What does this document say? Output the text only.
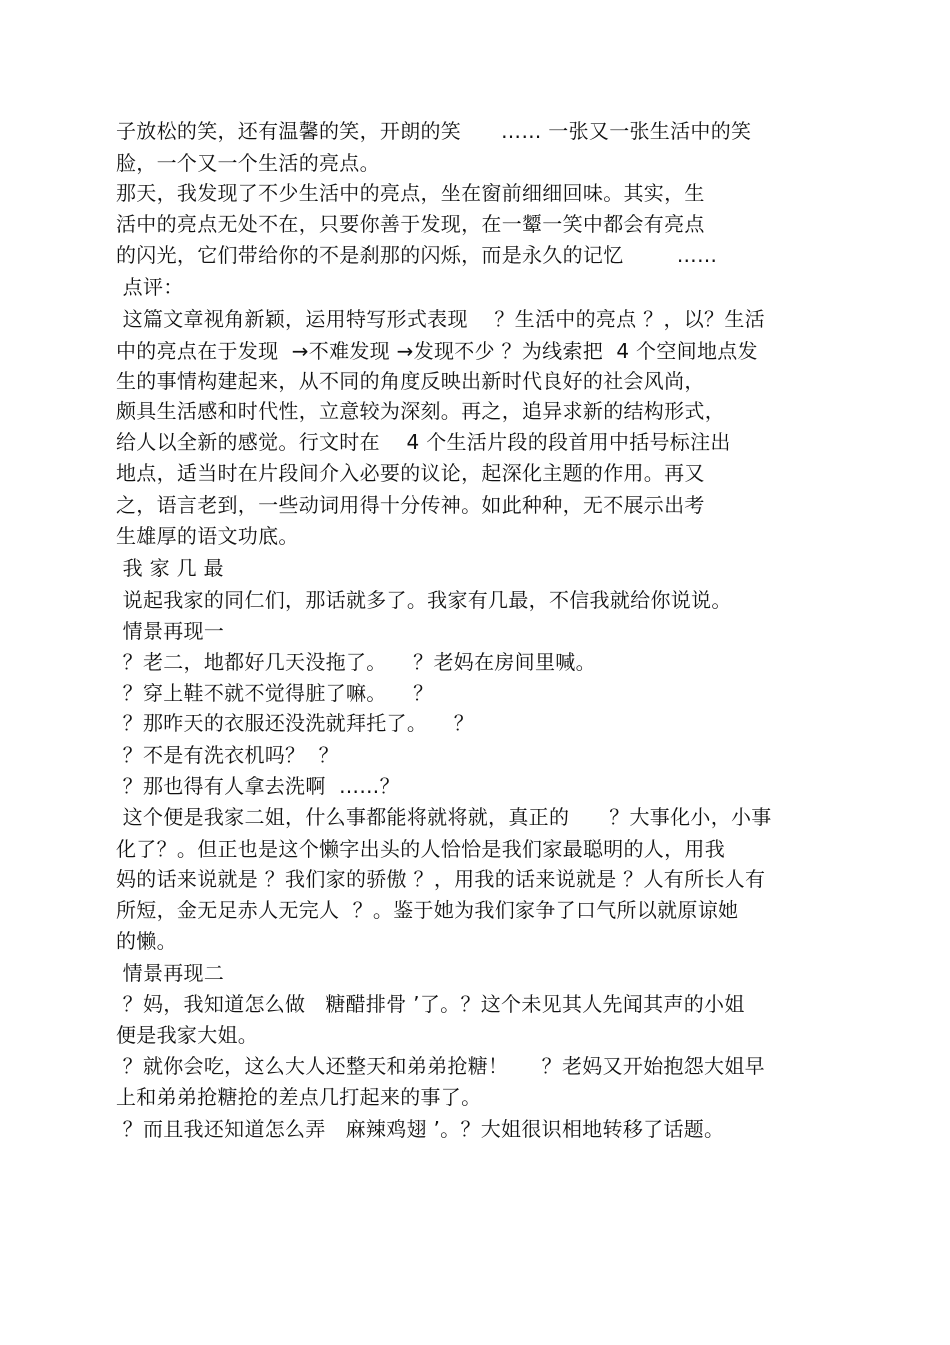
子放松的笑，还有温馨的笑，开朗的笑      …… 一张又一张生活中的笑
脸，一个又一个生活的亮点。
那天，我发现了不少生活中的亮点，坐在窗前细细回味。其实，生
活中的亮点无处不在，只要你善于发现，在一颦一笑中都会有亮点
的闪光，它们带给你的不是刹那的闪烁，而是永久的记忆        ……
点评：
这篇文章视角新颖，运用特写形式表现    ？生活中的亮点 ？，以？生活
中的亮点在于发现  →不难发现 →发现不少 ？为线索把  4 个空间地点发
生的事情构建起来，从不同的角度反映出新时代良好的社会风尚，
颇具生活感和时代性，立意较为深刻。再之，追异求新的结构形式，
给人以全新的感觉。行文时在    4 个生活片段的段首用中括号标注出
地点，适当时在片段间介入必要的议论，起深化主题的作用。再又
之，语言老到，一些动词用得十分传神。如此种种，无不展示出考
生雄厚的语文功底。
我 家 几 最
说起我家的同仁们，那话就多了。我家有几最，不信我就给你说说。
情景再现一
？老二，地都好几天没拖了。    ？老妈在房间里喊。
？穿上鞋不就不觉得脏了嘛。    ？
？那昨天的衣服还没洗就拜托了。    ？
？不是有洗衣机吗？  ？
？那也得有人拿去洗啊  ……？
这个便是我家二姐，什么事都能将就将就，真正的      ？大事化小，小事
化了？。但正也是这个懒字出头的人恰恰是我们家最聪明的人，用我
妈的话来说就是 ？我们家的骄傲 ？，用我的话来说就是 ？人有所长人有
所短，金无足赤人无完人  ？。鉴于她为我们家争了口气所以就原谅她
的懒。
情景再现二
？妈，我知道怎么做   糖醋排骨 ’了。？这个未见其人先闻其声的小姐
便是我家大姐。
？就你会吃，这么大人还整天和弟弟抢糖！     ？老妈又开始抱怨大姐早
上和弟弟抢糖抢的差点几打起来的事了。
？而且我还知道怎么弄   麻辣鸡翅 ’。？大姐很识相地转移了话题。
